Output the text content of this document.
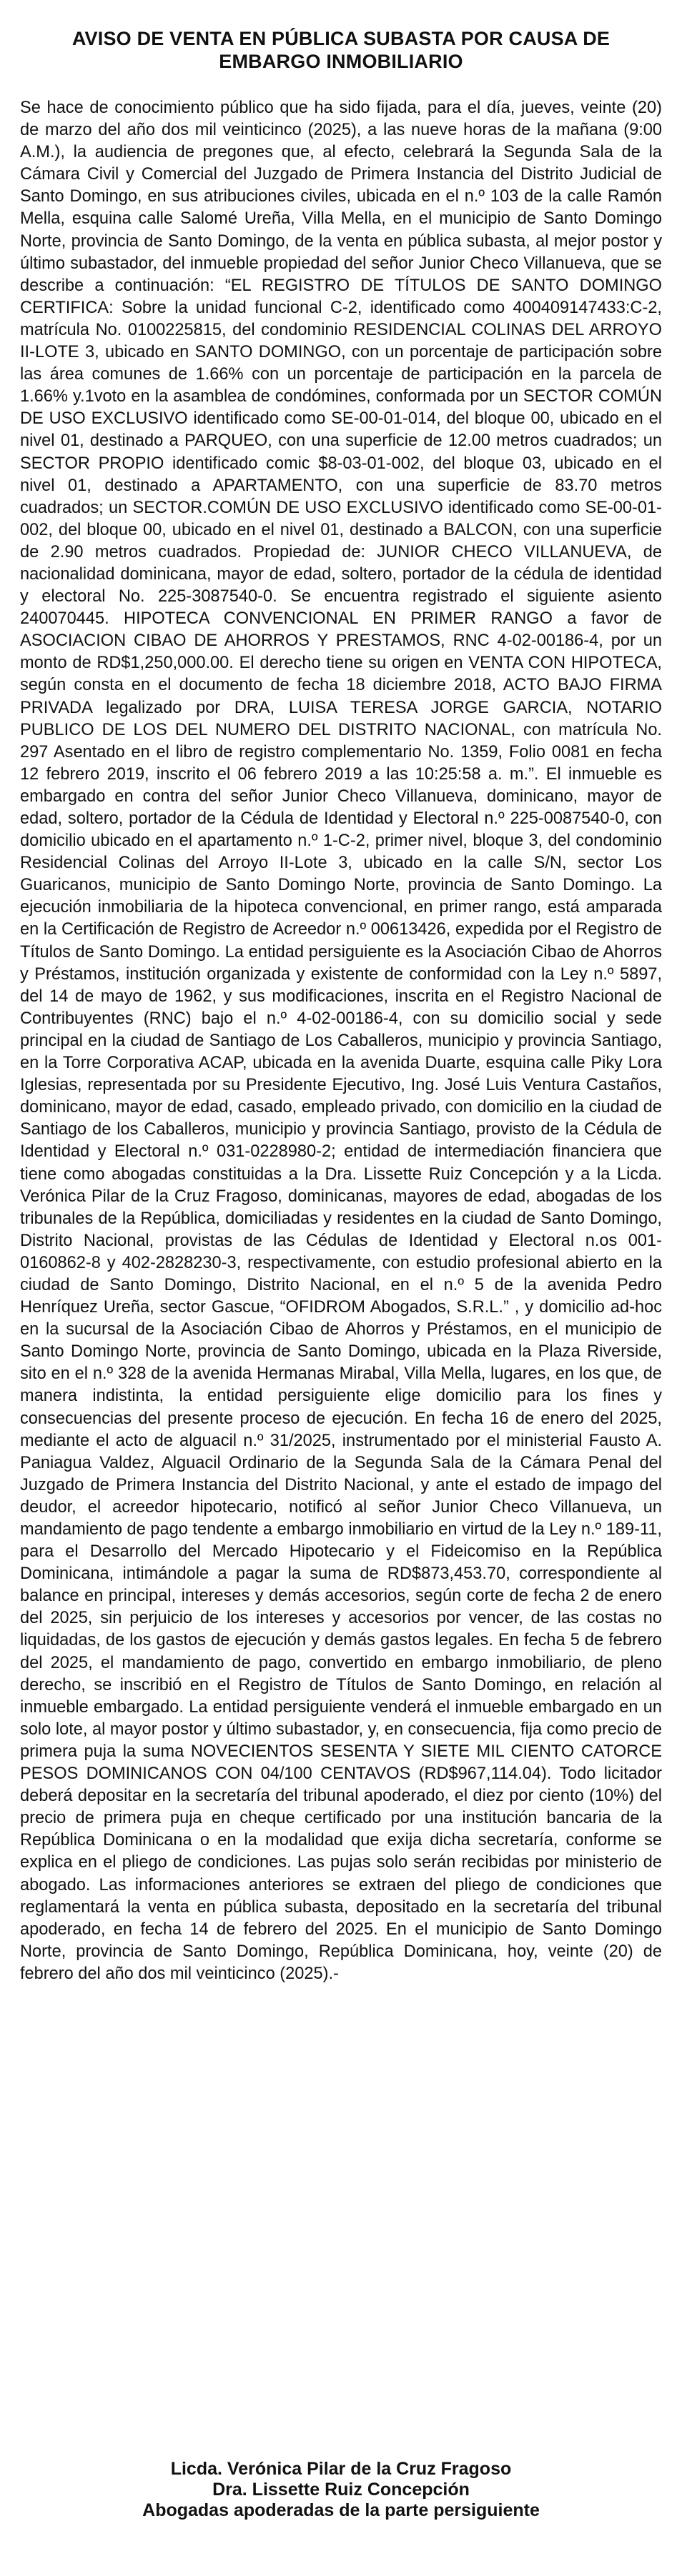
AVISO DE VENTA EN PÚBLICA SUBASTA POR CAUSA DE
EMBARGO INMOBILIARIO

Se hace de conocimiento público que ha sido fijada, para el día, jueves, veinte (20) de marzo del año dos mil veinticinco (2025), a las nueve horas de la mañana (9:00 A.M.), la audiencia de pregones que, al efecto, celebrará la Segunda Sala de la Cámara Civil y Comercial del Juzgado de Primera Instancia del Distrito Judicial de Santo Domingo, en sus atribuciones civiles, ubicada en el n.º 103 de la calle Ramón Mella, esquina calle Salomé Ureña, Villa Mella, en el municipio de Santo Domingo Norte, provincia de Santo Domingo, de la venta en pública subasta, al mejor postor y último subastador, del inmueble propiedad del señor Junior Checo Villanueva, que se describe a continuación: “EL REGISTRO DE TÍTULOS DE SANTO DOMINGO CERTIFICA: Sobre la unidad funcional C-2, identificado como 400409147433:C-2, matrícula No. 0100225815, del condominio RESIDENCIAL COLINAS DEL ARROYO II-LOTE 3, ubicado en SANTO DOMINGO, con un porcentaje de participación sobre las área comunes de 1.66% con un porcentaje de participación en la parcela de 1.66% y.1voto en la asamblea de condómines, conformada por un SECTOR COMÚN DE USO EXCLUSIVO identificado como SE-00-01-014, del bloque 00, ubicado en el nivel 01, destinado a PARQUEO, con una superficie de 12.00 metros cuadrados; un SECTOR PROPIO identificado comic $8-03-01-002, del bloque 03, ubicado en el nivel 01, destinado a APARTAMENTO, con una superficie de 83.70 metros cuadrados; un SECTOR.COMÚN DE USO EXCLUSIVO identificado como SE-00-01-002, del bloque 00, ubicado en el nivel 01, destinado a BALCON, con una superficie de 2.90 metros cuadrados. Propiedad de: JUNIOR CHECO VILLANUEVA, de nacionalidad dominicana, mayor de edad, soltero, portador de la cédula de identidad y electoral No. 225-3087540-0. Se encuentra registrado el siguiente asiento 240070445. HIPOTECA CONVENCIONAL EN PRIMER RANGO a favor de ASOCIACION CIBAO DE AHORROS Y PRESTAMOS, RNC 4-02-00186-4, por un monto de RD$1,250,000.00. El derecho tiene su origen en VENTA CON HIPOTECA, según consta en el documento de fecha 18 diciembre 2018, ACTO BAJO FIRMA PRIVADA legalizado por DRA, LUISA TERESA JORGE GARCIA, NOTARIO PUBLICO DE LOS DEL NUMERO DEL DISTRITO NACIONAL, con matrícula No. 297 Asentado en el libro de registro complementario No. 1359, Folio 0081 en fecha 12 febrero 2019, inscrito el 06 febrero 2019 a las 10:25:58 a. m.”. El inmueble es embargado en contra del señor Junior Checo Villanueva, dominicano, mayor de edad, soltero, portador de la Cédula de Identidad y Electoral n.º 225-0087540-0, con domicilio ubicado en el apartamento n.º 1-C-2, primer nivel, bloque 3, del condominio Residencial Colinas del Arroyo II-Lote 3, ubicado en la calle S/N, sector Los Guaricanos, municipio de Santo Domingo Norte, provincia de Santo Domingo. La ejecución inmobiliaria de la hipoteca convencional, en primer rango, está amparada en la Certificación de Registro de Acreedor n.º 00613426, expedida por el Registro de Títulos de Santo Domingo. La entidad persiguiente es la Asociación Cibao de Ahorros y Préstamos, institución organizada y existente de conformidad con la Ley n.º 5897, del 14 de mayo de 1962, y sus modificaciones, inscrita en el Registro Nacional de Contribuyentes (RNC) bajo el n.º 4-02-00186-4, con su domicilio social y sede principal en la ciudad de Santiago de Los Caballeros, municipio y provincia Santiago, en la Torre Corporativa ACAP, ubicada en la avenida Duarte, esquina calle Piky Lora Iglesias, representada por su Presidente Ejecutivo, Ing. José Luis Ventura Castaños, dominicano, mayor de edad, casado, empleado privado, con domicilio en la ciudad de Santiago de los Caballeros, municipio y provincia Santiago, provisto de la Cédula de Identidad y Electoral n.º 031-0228980-2; entidad de intermediación financiera que tiene como abogadas constituidas a la Dra. Lissette Ruiz Concepción y a la Licda. Verónica Pilar de la Cruz Fragoso, dominicanas, mayores de edad, abogadas de los tribunales de la República, domiciliadas y residentes en la ciudad de Santo Domingo, Distrito Nacional, provistas de las Cédulas de Identidad y Electoral n.os 001-0160862-8 y 402-2828230-3, respectivamente, con estudio profesional abierto en la ciudad de Santo Domingo, Distrito Nacional, en el n.º 5 de la avenida Pedro Henríquez Ureña, sector Gascue, “OFIDROM Abogados, S.R.L.” , y domicilio ad-hoc en la sucursal de la Asociación Cibao de Ahorros y Préstamos, en el municipio de Santo Domingo Norte, provincia de Santo Domingo, ubicada en la Plaza Riverside, sito en el n.º 328 de la avenida Hermanas Mirabal, Villa Mella, lugares, en los que, de manera indistinta, la entidad persiguiente elige domicilio para los fines y consecuencias del presente proceso de ejecución. En fecha 16 de enero del 2025, mediante el acto de alguacil n.º 31/2025, instrumentado por el ministerial Fausto A. Paniagua Valdez, Alguacil Ordinario de la Segunda Sala de la Cámara Penal del Juzgado de Primera Instancia del Distrito Nacional, y ante el estado de impago del deudor, el acreedor hipotecario, notificó al señor Junior Checo Villanueva, un mandamiento de pago tendente a embargo inmobiliario en virtud de la Ley n.º 189-11, para el Desarrollo del Mercado Hipotecario y el Fideicomiso en la República Dominicana, intimándole a pagar la suma de RD$873,453.70, correspondiente al balance en principal, intereses y demás accesorios, según corte de fecha 2 de enero del 2025, sin perjuicio de los intereses y accesorios por vencer, de las costas no liquidadas, de los gastos de ejecución y demás gastos legales. En fecha 5 de febrero del 2025, el mandamiento de pago, convertido en embargo inmobiliario, de pleno derecho, se inscribió en el Registro de Títulos de Santo Domingo, en relación al inmueble embargado. La entidad persiguiente venderá el inmueble embargado en un solo lote, al mayor postor y último subastador, y, en consecuencia, fija como precio de primera puja la suma NOVECIENTOS SESENTA Y SIETE MIL CIENTO CATORCE PESOS DOMINICANOS CON 04/100 CENTAVOS (RD$967,114.04). Todo licitador deberá depositar en la secretaría del tribunal apoderado, el diez por ciento (10%) del precio de primera puja en cheque certificado por una institución bancaria de la República Dominicana o en la modalidad que exija dicha secretaría, conforme se explica en el pliego de condiciones. Las pujas solo serán recibidas por ministerio de abogado. Las informaciones anteriores se extraen del pliego de condiciones que reglamentará la venta en pública subasta, depositado en la secretaría del tribunal apoderado, en fecha 14 de febrero del 2025. En el municipio de Santo Domingo Norte, provincia de Santo Domingo, República Dominicana, hoy, veinte (20) de febrero del año dos mil veinticinco (2025).-

Licda. Verónica Pilar de la Cruz Fragoso
Dra. Lissette Ruiz Concepción
Abogadas apoderadas de la parte persiguiente
